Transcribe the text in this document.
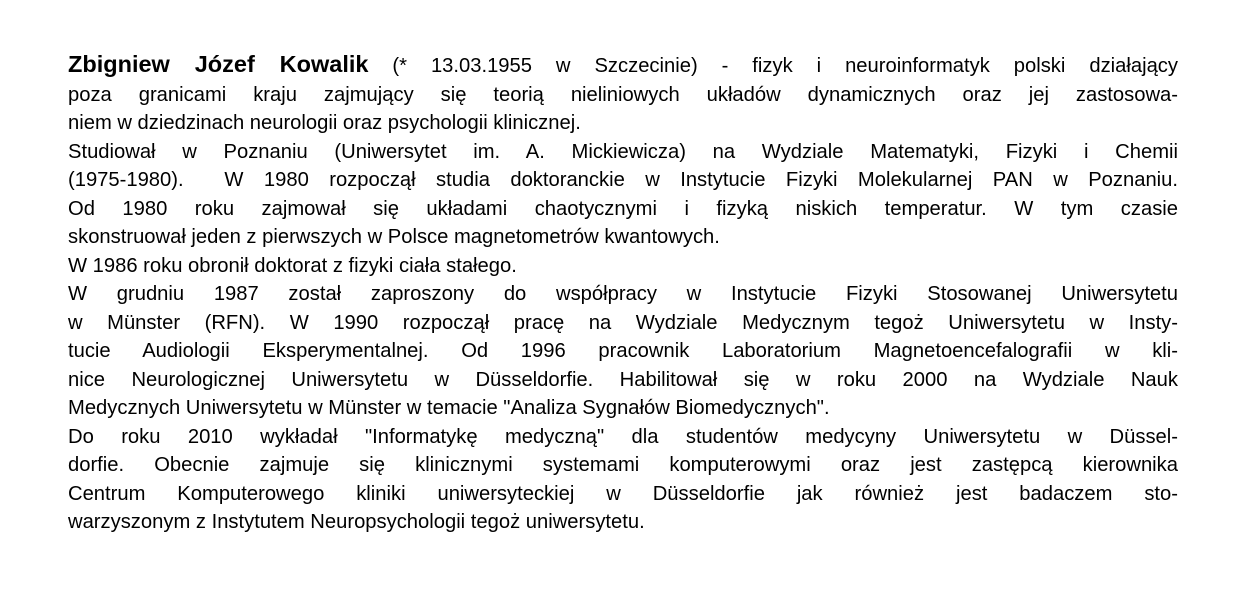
Zbigniew Józef Kowalik (* 13.03.1955 w Szczecinie) - fizyk i neuroinformatyk polski działający
poza granicami kraju zajmujący się teorią nieliniowych układów dynamicznych oraz jej zastosowa-
niem w dziedzinach neurologii oraz psychologii klinicznej.
Studiował w Poznaniu (Uniwersytet im. A. Mickiewicza) na Wydziale Matematyki, Fizyki i Chemii
(1975-1980).  W 1980 rozpoczął studia doktoranckie w Instytucie Fizyki Molekularnej PAN w Poznaniu.
Od 1980 roku zajmował się układami chaotycznymi i fizyką niskich temperatur. W tym czasie
skonstruował jeden z pierwszych w Polsce magnetometrów kwantowych.
W 1986 roku obronił doktorat z fizyki ciała stałego.
W grudniu 1987 został zaproszony do współpracy w Instytucie Fizyki Stosowanej Uniwersytetu
w Münster (RFN). W 1990 rozpoczął pracę na Wydziale Medycznym tegoż Uniwersytetu w Insty-
tucie Audiologii Eksperymentalnej. Od 1996 pracownik Laboratorium Magnetoencefalografii w kli-
nice Neurologicznej Uniwersytetu w Düsseldorfie. Habilitował się w roku 2000 na Wydziale Nauk
Medycznych Uniwersytetu w Münster w temacie "Analiza Sygnałów Biomedycznych".
Do roku 2010 wykładał "Informatykę medyczną" dla studentów medycyny Uniwersytetu w Düssel-
dorfie. Obecnie zajmuje się klinicznymi systemami komputerowymi oraz jest zastępcą kierownika
Centrum Komputerowego kliniki uniwersyteckiej w Düsseldorfie jak również jest badaczem sto-
warzyszonym z Instytutem Neuropsychologii tegoż uniwersytetu.
